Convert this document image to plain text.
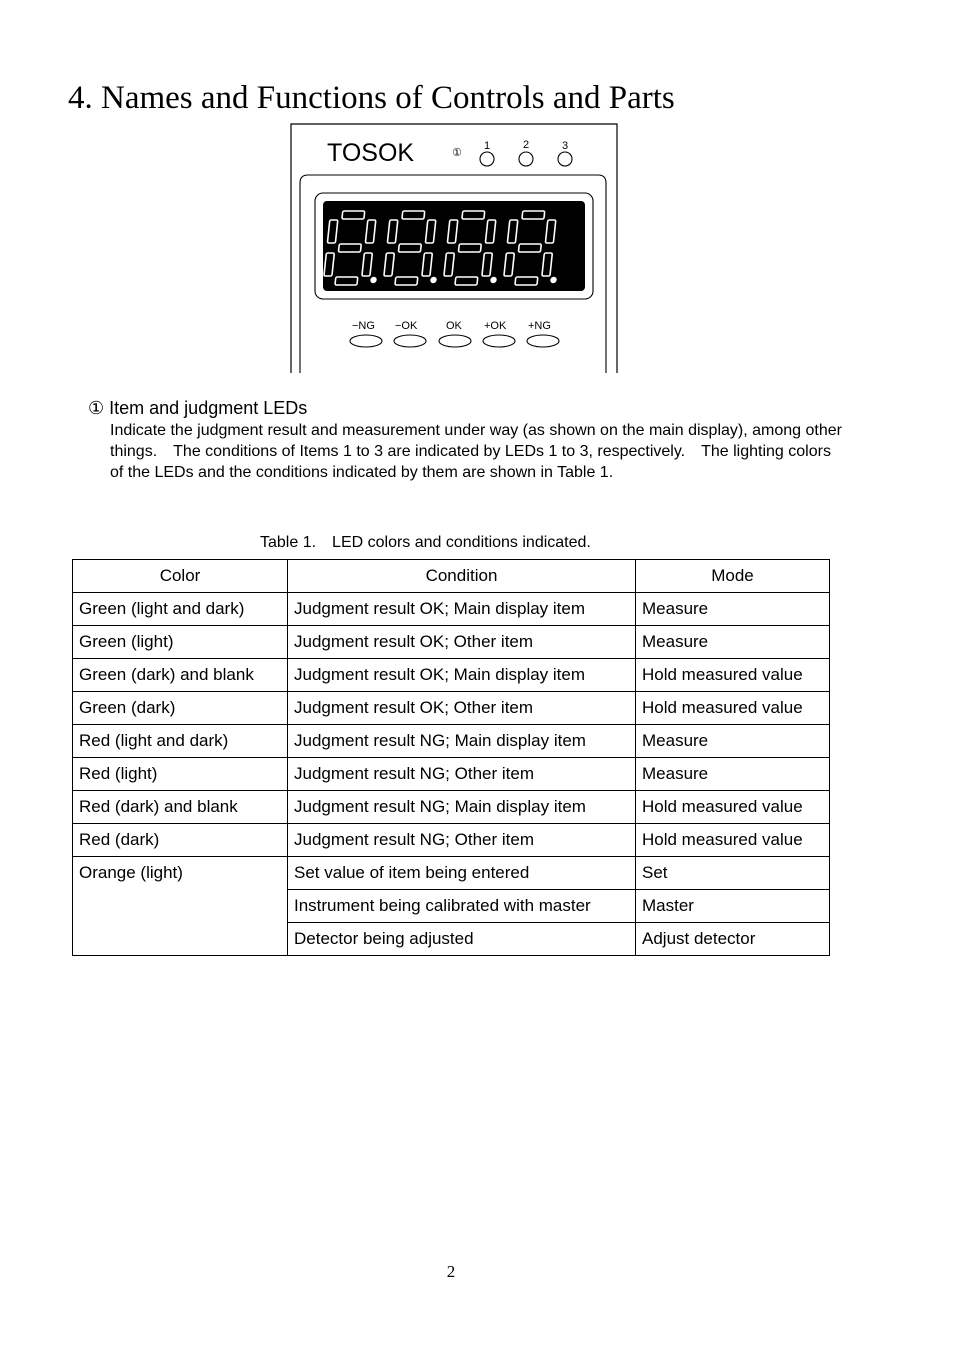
4. Names and Functions of Controls and Parts
TOSOK	①
1	2	3
−NG −OK	OK +OK +NG
① Item and judgment LEDs
Indicate the judgment result and measurement under way (as shown on the main display), among other things.　The conditions of Items 1 to 3 are indicated by LEDs 1 to 3, respectively.　The lighting colors of the LEDs and the conditions indicated by them are shown in Table 1.
Table 1.　LED colors and conditions indicated.
Color	Condition	Mode
Green (light and dark)	Judgment result OK; Main display item	Measure
Green (light)	Judgment result OK; Other item	Measure
Green (dark) and blank	Judgment result OK; Main display item	Hold measured value
Green (dark)	Judgment result OK; Other item	Hold measured value
Red (light and dark)	Judgment result NG; Main display item	Measure
Red (light)	Judgment result NG; Other item	Measure
Red (dark) and blank	Judgment result NG; Main display item	Hold measured value
Red (dark)	Judgment result NG; Other item	Hold measured value
Orange (light)	Set value of item being entered	Set
	Instrument being calibrated with master	Master
	Detector being adjusted	Adjust detector
2
